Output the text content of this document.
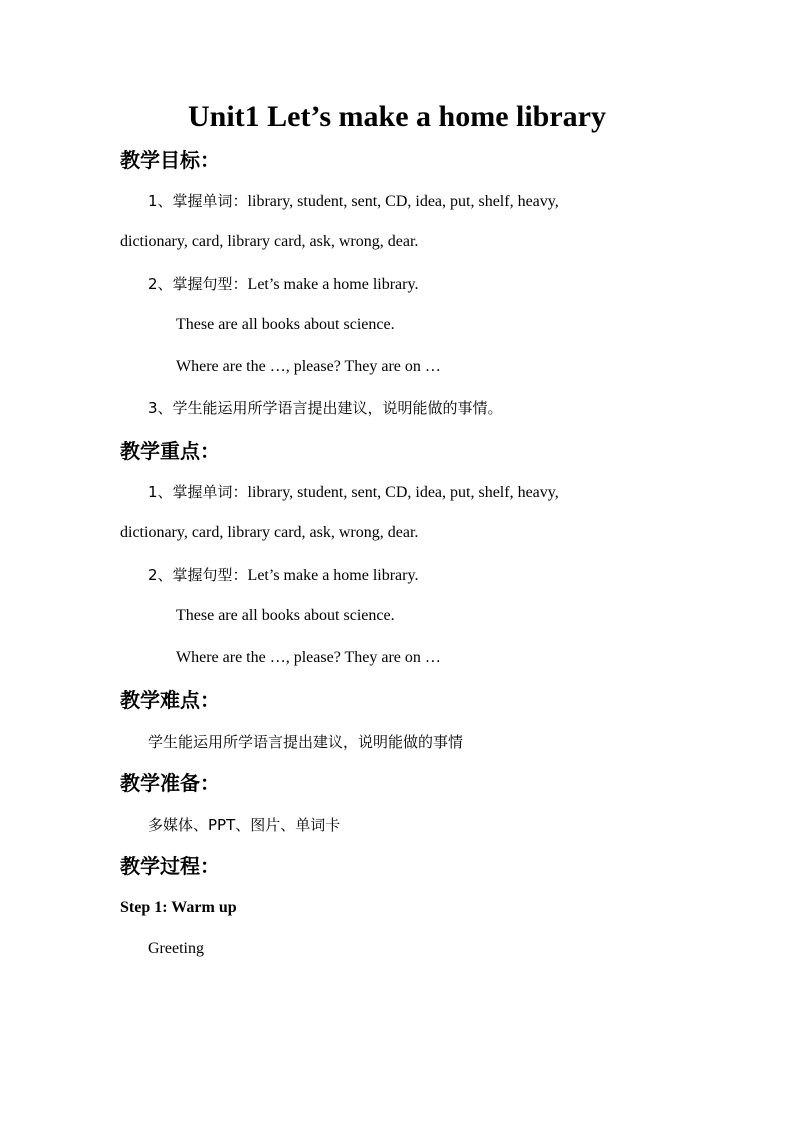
Unit1 Let’s make a home library
教学目标：
1、掌握单词：library, student, sent, CD, idea, put, shelf, heavy,
dictionary, card, library card, ask, wrong, dear.
2、掌握句型：Let’s make a home library.
These are all books about science.
Where are the …, please? They are on …
3、学生能运用所学语言提出建议，说明能做的事情。
教学重点：
1、掌握单词：library, student, sent, CD, idea, put, shelf, heavy,
dictionary, card, library card, ask, wrong, dear.
2、掌握句型：Let’s make a home library.
These are all books about science.
Where are the …, please? They are on …
教学难点：
学生能运用所学语言提出建议，说明能做的事情
教学准备：
多媒体、PPT、图片、单词卡
教学过程：
Step 1: Warm up
Greeting
